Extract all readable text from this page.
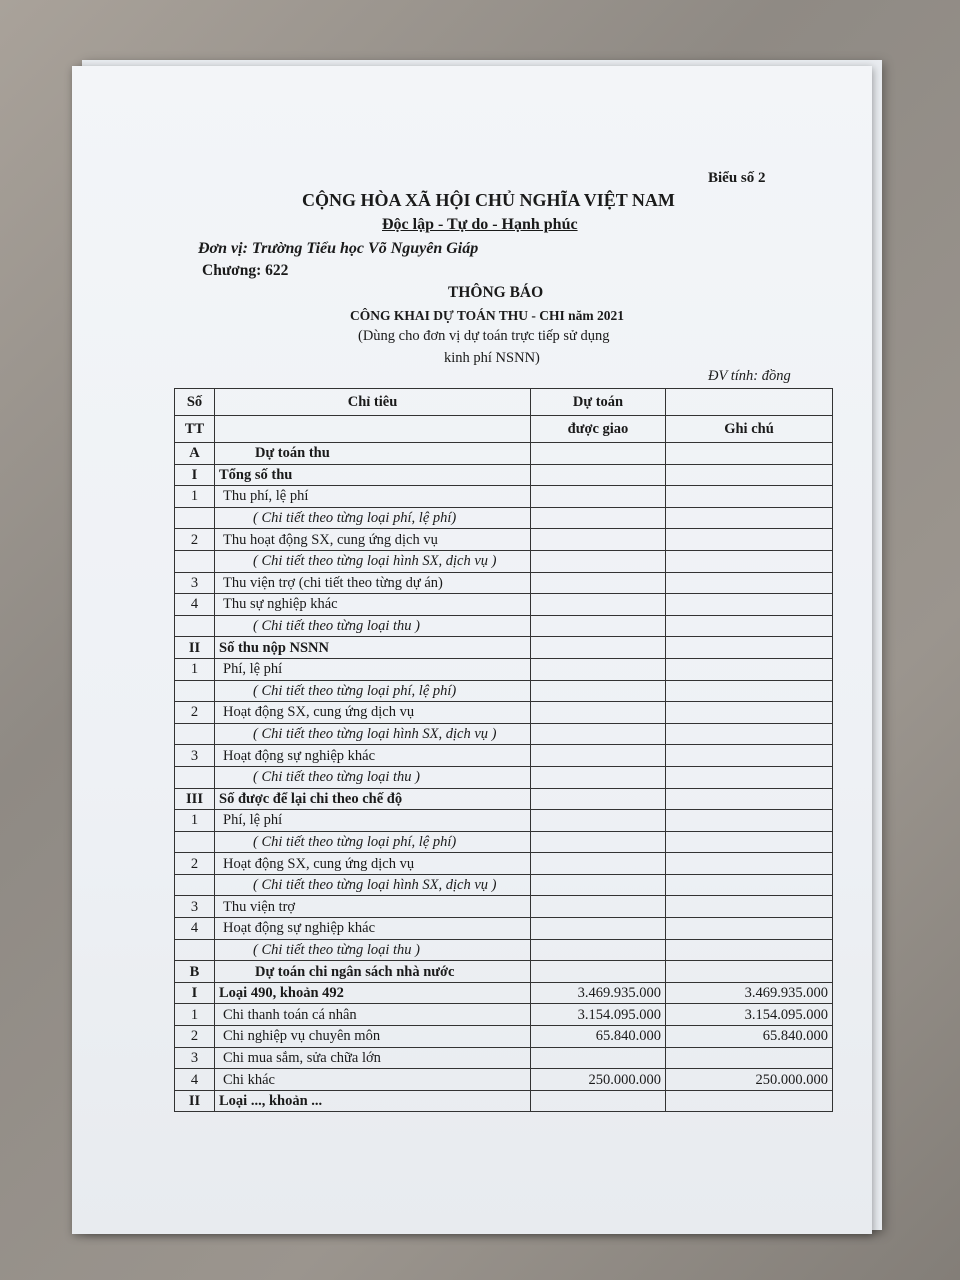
Biểu số 2
CỘNG HÒA XÃ HỘI CHỦ NGHĨA VIỆT NAM
Độc lập - Tự do - Hạnh phúc
Đơn vị: Trường Tiểu học Võ Nguyên Giáp
Chương: 622
THÔNG BÁO
CÔNG KHAI DỰ TOÁN THU - CHI năm 2021
(Dùng cho đơn vị dự toán trực tiếp sử dụng
kinh phí NSNN)
ĐV tính: đồng
Số	Chỉ tiêu	Dự toán	
TT		được giao	Ghi chú
A	Dự toán thu		
I	Tổng số thu		
1	Thu phí, lệ phí		
	( Chi tiết theo từng loại phí, lệ phí)		
2	Thu hoạt động SX, cung ứng dịch vụ		
	( Chi tiết theo từng loại hình SX, dịch vụ )		
3	Thu viện trợ (chi tiết theo từng dự án)		
4	Thu sự nghiệp khác		
	( Chi tiết theo từng loại thu )		
II	Số thu nộp NSNN		
1	Phí, lệ phí		
	( Chi tiết theo từng loại phí, lệ phí)		
2	Hoạt động SX, cung ứng dịch vụ		
	( Chi tiết theo từng loại hình SX, dịch vụ )		
3	Hoạt động sự nghiệp khác		
	( Chi tiết theo từng loại thu )		
III	Số được để lại chi theo chế độ		
1	Phí, lệ phí		
	( Chi tiết theo từng loại phí, lệ phí)		
2	Hoạt động SX, cung ứng dịch vụ		
	( Chi tiết theo từng loại hình SX, dịch vụ )		
3	Thu viện trợ		
4	Hoạt động sự nghiệp khác		
	( Chi tiết theo từng loại thu )		
B	Dự toán chi ngân sách nhà nước		
I	Loại 490, khoản 492	3.469.935.000	3.469.935.000
1	Chi thanh toán cá nhân	3.154.095.000	3.154.095.000
2	Chi nghiệp vụ chuyên môn	65.840.000	65.840.000
3	Chi mua sắm, sửa chữa lớn		
4	Chi khác	250.000.000	250.000.000
II	Loại ..., khoản ...		
